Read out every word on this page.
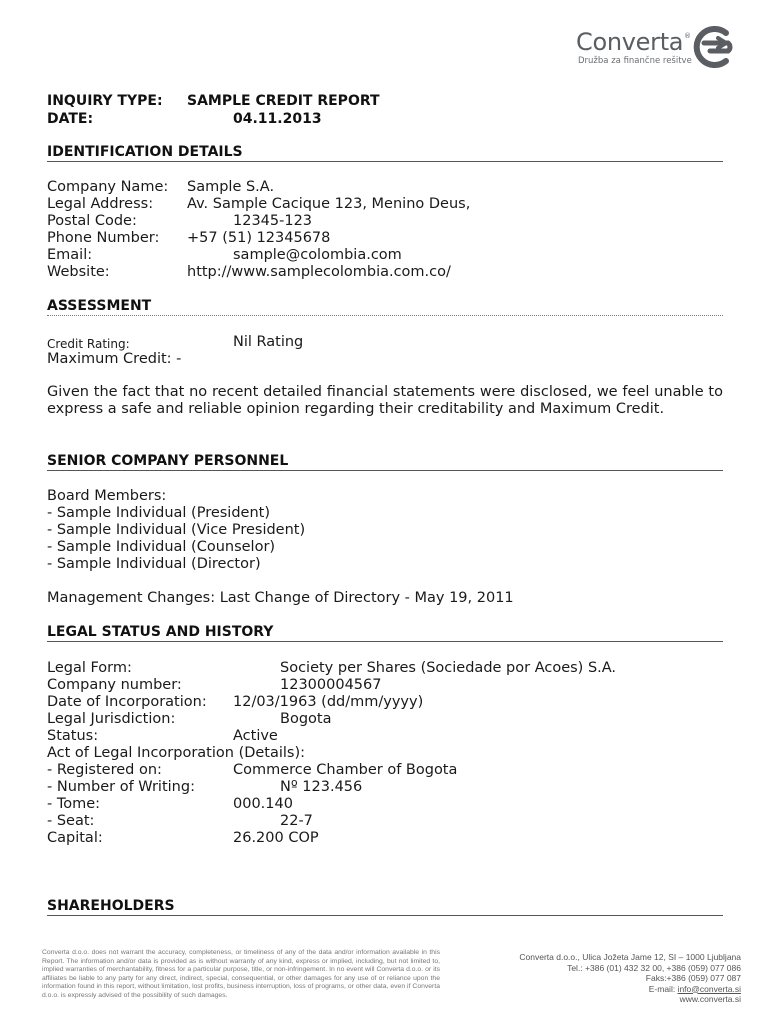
Converta ®
Družba za finančne rešitve
INQUIRY TYPE: SAMPLE CREDIT REPORT
DATE:	04.11.2013
IDENTIFICATION DETAILS
Company Name: Sample S.A.
Legal Address: Av. Sample Cacique 123, Menino Deus,
Postal Code:	12345-123
Phone Number: +57 (51) 12345678
Email:	sample@colombia.com
Website:	http://www.samplecolombia.com.co/
ASSESSMENT
Credit Rating:	Nil Rating
Maximum Credit: -
Given the fact that no recent detailed financial statements were disclosed, we feel unable to express a safe and reliable opinion regarding their creditability and Maximum Credit.
SENIOR COMPANY PERSONNEL
Board Members:
- Sample Individual (President)
- Sample Individual (Vice President)
- Sample Individual (Counselor)
- Sample Individual (Director)
Management Changes: Last Change of Directory - May 19, 2011
LEGAL STATUS AND HISTORY
Legal Form:	Society per Shares (Sociedade por Acoes) S.A.
Company number:	12300004567
Date of Incorporation: 12/03/1963 (dd/mm/yyyy)
Legal Jurisdiction:	Bogota
Status:	Active
Act of Legal Incorporation (Details):
- Registered on:	Commerce Chamber of Bogota
- Number of Writing:	Nº 123.456
- Tome:	000.140
- Seat:	22-7
Capital:	26.200 COP
SHAREHOLDERS
Converta d.o.o. does not warrant the accuracy, completeness, or timeliness of any of the data and/or information available in this Report. The information and/or data is provided as is without warranty of any kind, express or implied, including, but not limited to, implied warranties of merchantability, fitness for a particular purpose, title, or non-infringement. In no event will Converta d.o.o. or its affiliates be liable to any party for any direct, indirect, special, consequential, or other damages for any use of or reliance upon the information found in this report, without limitation, lost profits, business interruption, loss of programs, or other data, even if Converta d.o.o. is expressly advised of the possibility of such damages.
Converta d.o.o., Ulica Jožeta Jame 12, SI – 1000 Ljubljana
Tel.: +386 (01) 432 32 00, +386 (059) 077 086
Faks:+386 (059) 077 087
E-mail: info@converta.si
www.converta.si
